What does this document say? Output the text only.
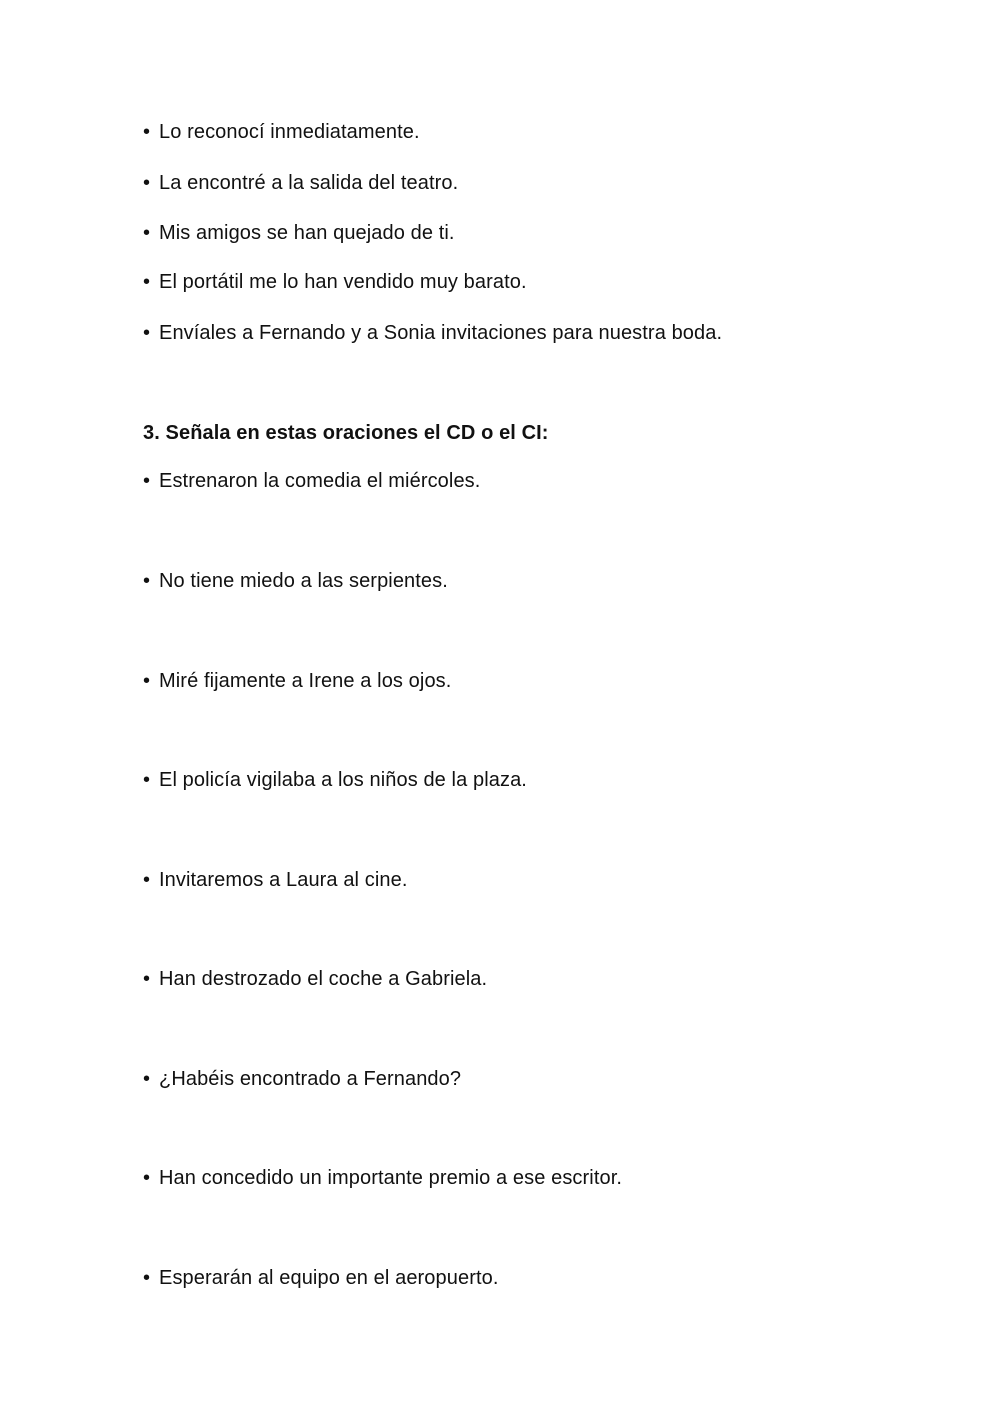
• Lo reconocí inmediatamente.
• La encontré a la salida del teatro.
• Mis amigos se han quejado de ti.
• El portátil me lo han vendido muy barato.
• Envíales a Fernando y a Sonia invitaciones para nuestra boda.
3. Señala en estas oraciones el CD o el CI:
• Estrenaron la comedia el miércoles.
• No tiene miedo a las serpientes.
• Miré fijamente a Irene a los ojos.
• El policía vigilaba a los niños de la plaza.
• Invitaremos a Laura al cine.
• Han destrozado el coche a Gabriela.
• ¿Habéis encontrado a Fernando?
• Han concedido un importante premio a ese escritor.
• Esperarán al equipo en el aeropuerto.
